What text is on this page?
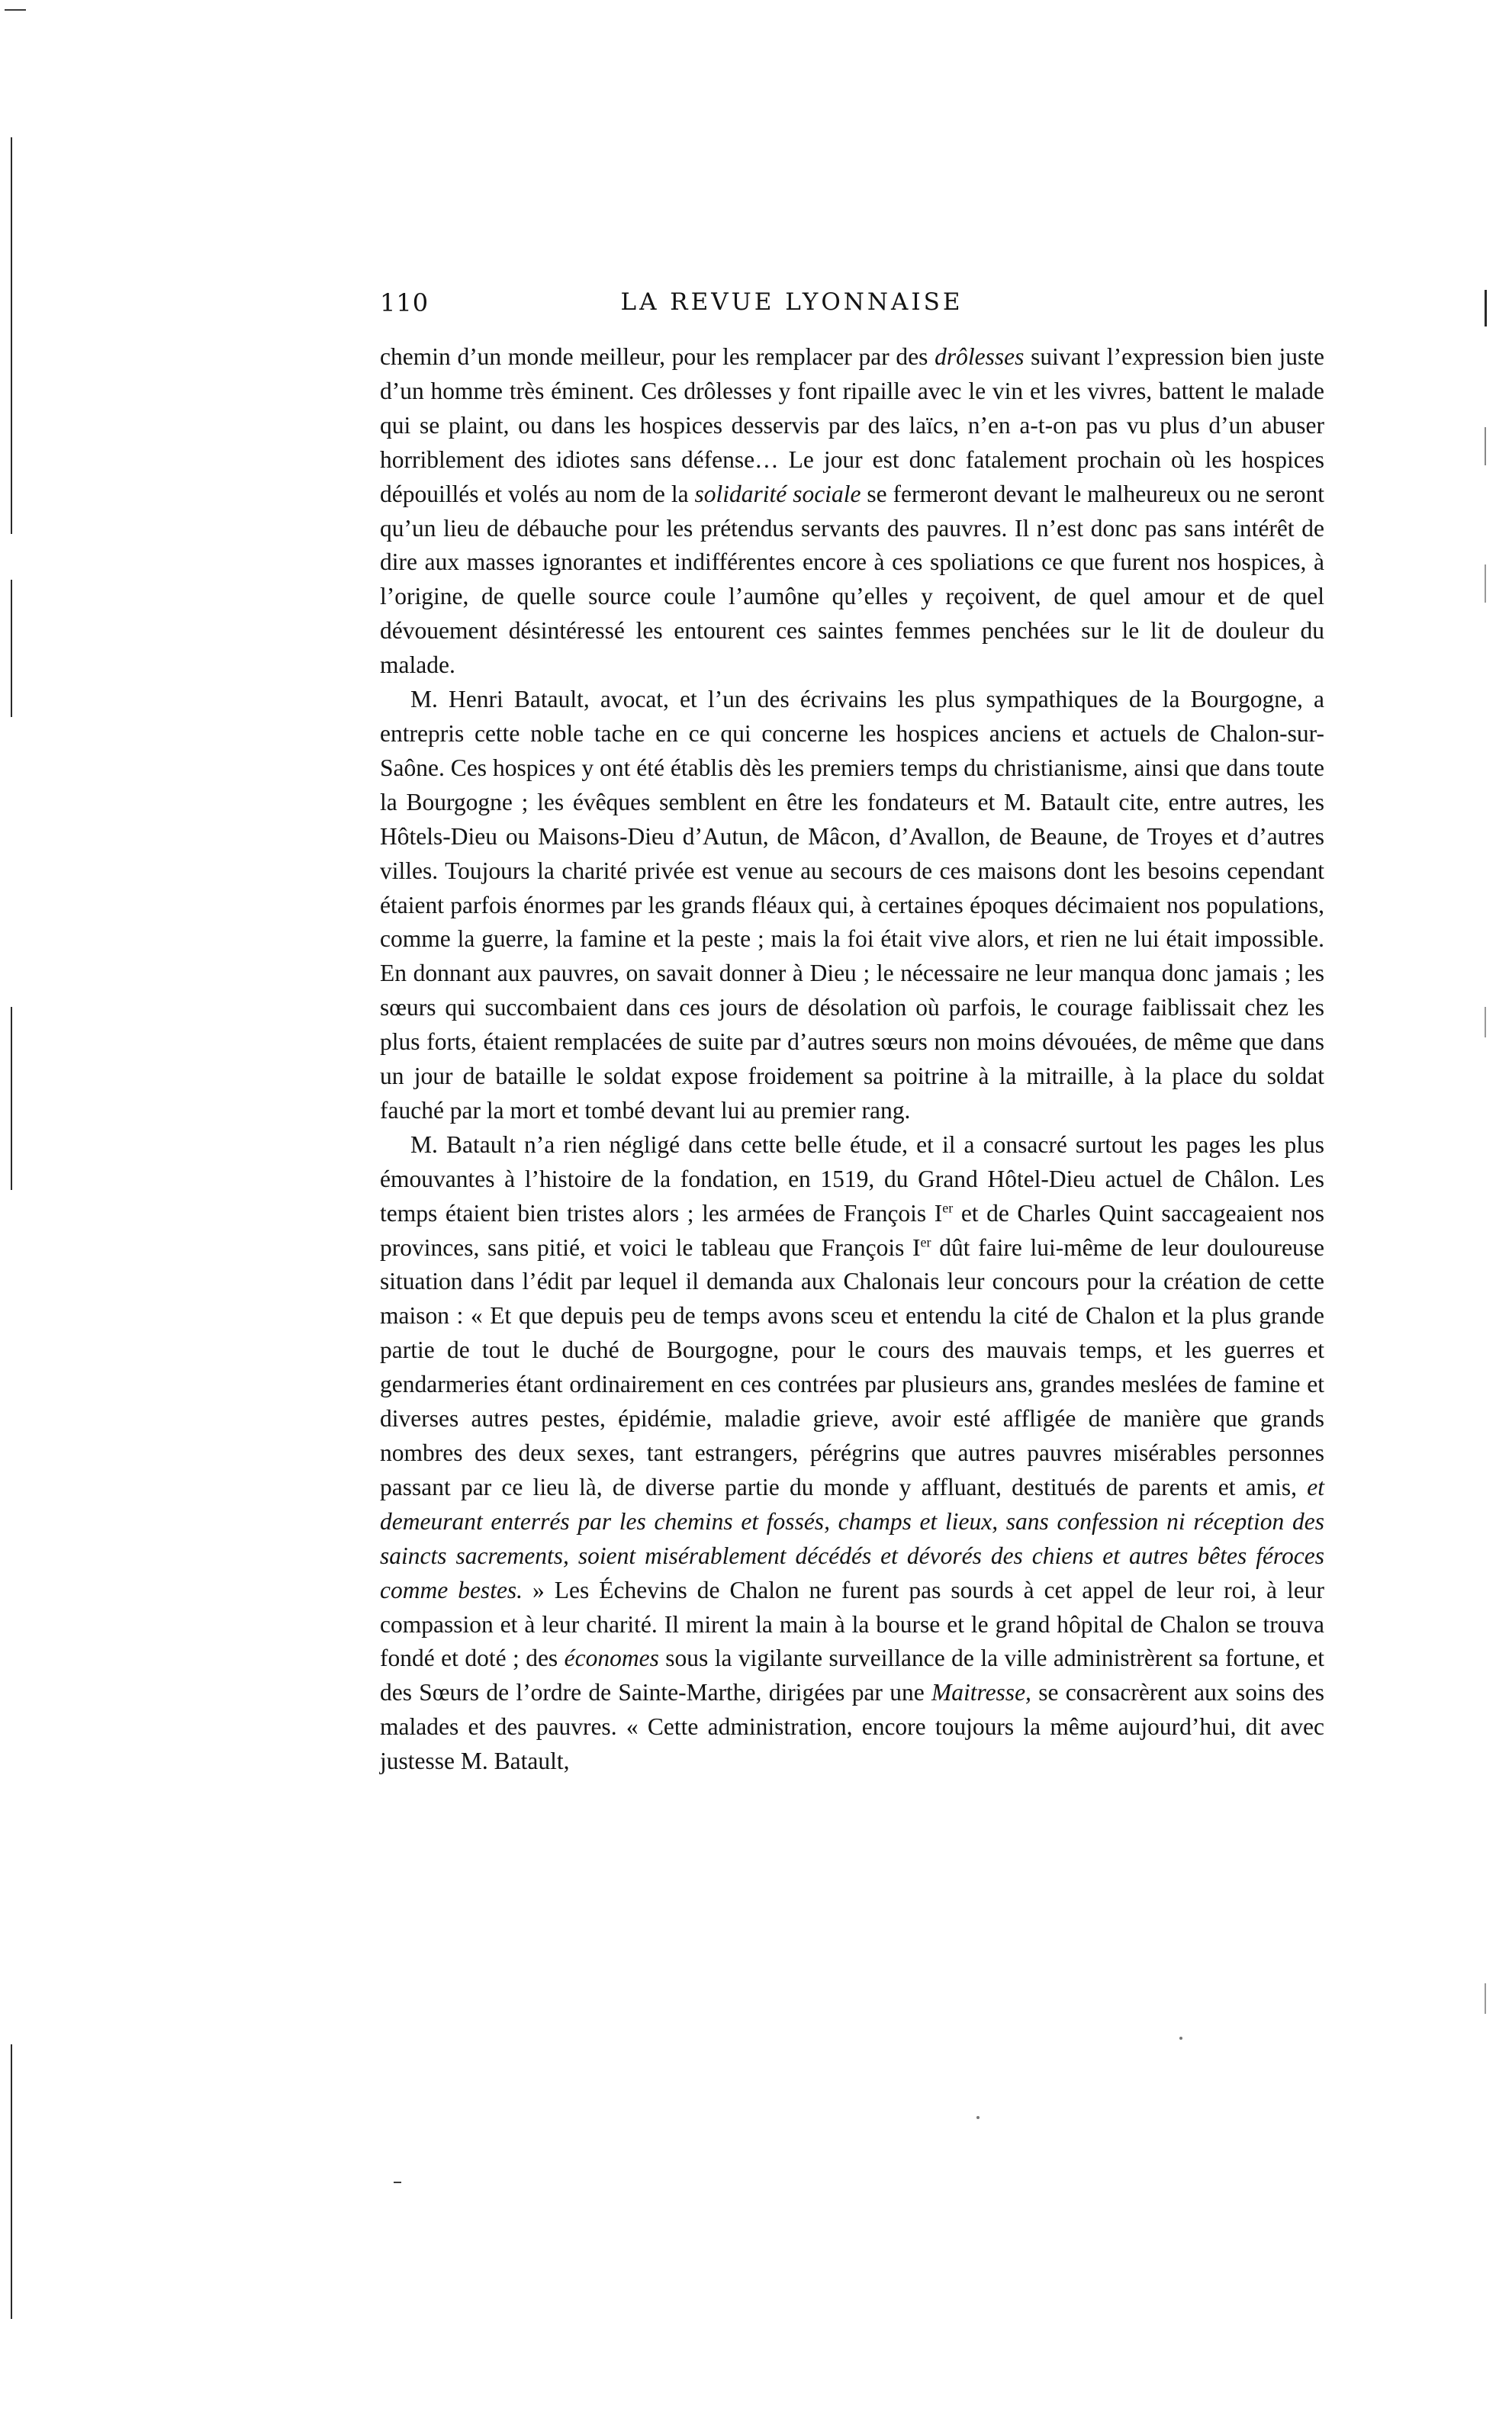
110	LA REVUE LYONNAISE

chemin d’un monde meilleur, pour les remplacer par des drôlesses suivant l’expression bien juste d’un homme très éminent. Ces drôlesses y font ripaille avec le vin et les vivres, battent le malade qui se plaint, ou dans les hospices desservis par des laïcs, n’en a-t-on pas vu plus d’un abuser horriblement des idiotes sans défense… Le jour est donc fatalement prochain où les hospices dépouillés et volés au nom de la solidarité sociale se fermeront devant le malheureux ou ne seront qu’un lieu de débauche pour les prétendus servants des pauvres. Il n’est donc pas sans intérêt de dire aux masses ignorantes et indifférentes encore à ces spoliations ce que furent nos hospices, à l’origine, de quelle source coule l’aumône qu’elles y reçoivent, de quel amour et de quel dévouement désintéressé les entourent ces saintes femmes penchées sur le lit de douleur du malade.

M. Henri Batault, avocat, et l’un des écrivains les plus sympathiques de la Bourgogne, a entrepris cette noble tache en ce qui concerne les hospices anciens et actuels de Chalon-sur-Saône. Ces hospices y ont été établis dès les premiers temps du christianisme, ainsi que dans toute la Bourgogne ; les évêques semblent en être les fondateurs et M. Batault cite, entre autres, les Hôtels-Dieu ou Maisons-Dieu d’Autun, de Mâcon, d’Avallon, de Beaune, de Troyes et d’autres villes. Toujours la charité privée est venue au secours de ces maisons dont les besoins cependant étaient parfois énormes par les grands fléaux qui, à certaines époques décimaient nos populations, comme la guerre, la famine et la peste ; mais la foi était vive alors, et rien ne lui était impossible. En donnant aux pauvres, on savait donner à Dieu ; le nécessaire ne leur manqua donc jamais ; les sœurs qui succombaient dans ces jours de désolation où parfois, le courage faiblissait chez les plus forts, étaient remplacées de suite par d’autres sœurs non moins dévouées, de même que dans un jour de bataille le soldat expose froidement sa poitrine à la mitraille, à la place du soldat fauché par la mort et tombé devant lui au premier rang.

M. Batault n’a rien négligé dans cette belle étude, et il a consacré surtout les pages les plus émouvantes à l’histoire de la fondation, en 1519, du Grand Hôtel-Dieu actuel de Châlon. Les temps étaient bien tristes alors ; les armées de François Ier et de Charles Quint saccageaient nos provinces, sans pitié, et voici le tableau que François Ier dût faire lui-même de leur douloureuse situation dans l’édit par lequel il demanda aux Chalonais leur concours pour la création de cette maison : « Et que depuis peu de temps avons sceu et entendu la cité de Chalon et la plus grande partie de tout le duché de Bourgogne, pour le cours des mauvais temps, et les guerres et gendarmeries étant ordinairement en ces contrées par plusieurs ans, grandes meslées de famine et diverses autres pestes, épidémie, maladie grieve, avoir esté affligée de manière que grands nombres des deux sexes, tant estrangers, pérégrins que autres pauvres misérables personnes passant par ce lieu là, de diverse partie du monde y affluant, destitués de parents et amis, et demeurant enterrés par les chemins et fossés, champs et lieux, sans confession ni réception des saincts sacrements, soient misérablement décédés et dévorés des chiens et autres bêtes féroces comme bestes. » Les Échevins de Chalon ne furent pas sourds à cet appel de leur roi, à leur compassion et à leur charité. Il mirent la main à la bourse et le grand hôpital de Chalon se trouva fondé et doté ; des économes sous la vigilante surveillance de la ville administrèrent sa fortune, et des Sœurs de l’ordre de Sainte-Marthe, dirigées par une Maitresse, se consacrèrent aux soins des malades et des pauvres. « Cette administration, encore toujours la même aujourd’hui, dit avec justesse M. Batault,
